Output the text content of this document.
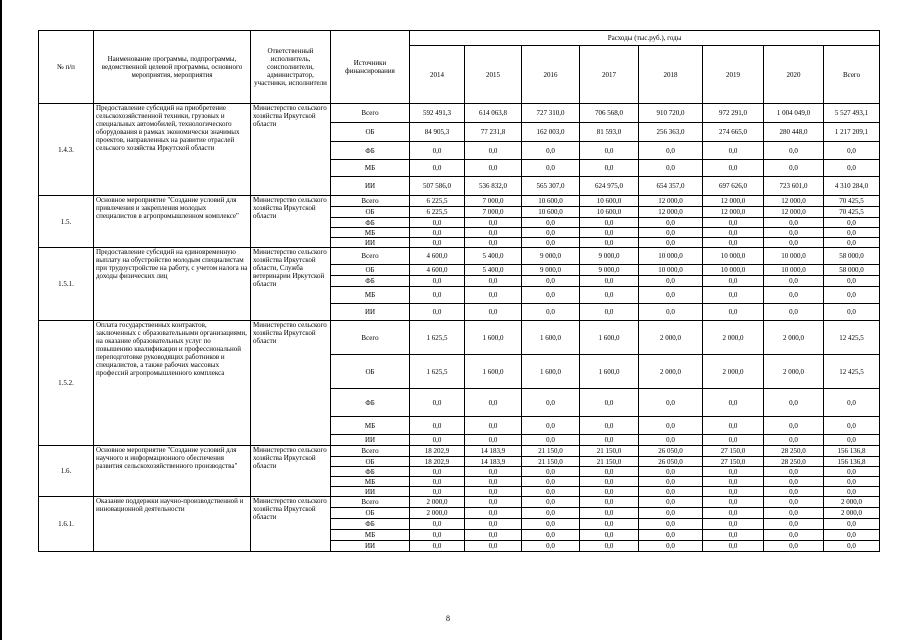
№ п/п	Наименование программы, подпрограммы, ведомственной целевой программы, основного мероприятия, мероприятия	Ответственный исполнитель, соисполнители, администратор, участники, исполнители	Источники финансирования	Расходы (тыс.руб.), годы							
				2014	2015	2016	2017	2018	2019	2020	Всего
1.4.3.	Предоставление субсидий на приобретение сельскохозяйственной техники, грузовых и специальных автомобилей, технологического оборудования в рамках экономически значимых проектов, направленных на развитие отраслей сельского хозяйства Иркутской области	Министерство сельского хозяйства Иркутской области	Всего	592 491,3	614 063,8	727 310,0	706 568,0	910 720,0	972 291,0	1 004 049,0	5 527 493,1
			ОБ	84 905,3	77 231,8	162 003,0	81 593,0	256 363,0	274 665,0	280 448,0	1 217 209,1
			ФБ	0,0	0,0	0,0	0,0	0,0	0,0	0,0	0,0
			МБ	0,0	0,0	0,0	0,0	0,0	0,0	0,0	0,0
			ИИ	507 586,0	536 832,0	565 307,0	624 975,0	654 357,0	697 626,0	723 601,0	4 310 284,0
1.5.	Основное мероприятие "Создание условий для привлечения и закрепления молодых специалистов в агропромышленном комплексе"	Министерство сельского хозяйства Иркутской области	Всего	6 225,5	7 000,0	10 600,0	10 600,0	12 000,0	12 000,0	12 000,0	70 425,5
			ОБ	6 225,5	7 000,0	10 600,0	10 600,0	12 000,0	12 000,0	12 000,0	70 425,5
			ФБ	0,0	0,0	0,0	0,0	0,0	0,0	0,0	0,0
			МБ	0,0	0,0	0,0	0,0	0,0	0,0	0,0	0,0
			ИИ	0,0	0,0	0,0	0,0	0,0	0,0	0,0	0,0
1.5.1.	Предоставление субсидий на единовременную выплату на обустройство молодым специалистам при трудоустройстве на работу, с учетом налога на доходы физических лиц	Министерство сельского хозяйства Иркутской области, Служба ветеринарии Иркутской области	Всего	4 600,0	5 400,0	9 000,0	9 000,0	10 000,0	10 000,0	10 000,0	58 000,0
			ОБ	4 600,0	5 400,0	9 000,0	9 000,0	10 000,0	10 000,0	10 000,0	58 000,0
			ФБ	0,0	0,0	0,0	0,0	0,0	0,0	0,0	0,0
			МБ	0,0	0,0	0,0	0,0	0,0	0,0	0,0	0,0
			ИИ	0,0	0,0	0,0	0,0	0,0	0,0	0,0	0,0
1.5.2.	Оплата государственных контрактов, заключенных с образовательными организациями, на оказание образовательных услуг по повышению квалификации и профессиональной переподготовке руководящих работников и специалистов, а также рабочих массовых профессий агропромышленного комплекса	Министерство сельского хозяйства Иркутской области	Всего	1 625,5	1 600,0	1 600,0	1 600,0	2 000,0	2 000,0	2 000,0	12 425,5
			ОБ	1 625,5	1 600,0	1 600,0	1 600,0	2 000,0	2 000,0	2 000,0	12 425,5
			ФБ	0,0	0,0	0,0	0,0	0,0	0,0	0,0	0,0
			МБ	0,0	0,0	0,0	0,0	0,0	0,0	0,0	0,0
			ИИ	0,0	0,0	0,0	0,0	0,0	0,0	0,0	0,0
1.6.	Основное мероприятие "Создание условий для научного и информационного обеспечения развития сельскохозяйственного производства"	Министерство сельского хозяйства Иркутской области	Всего	18 202,9	14 183,9	21 150,0	21 150,0	26 050,0	27 150,0	28 250,0	156 136,8
			ОБ	18 202,9	14 183,9	21 150,0	21 150,0	26 050,0	27 150,0	28 250,0	156 136,8
			ФБ	0,0	0,0	0,0	0,0	0,0	0,0	0,0	0,0
			МБ	0,0	0,0	0,0	0,0	0,0	0,0	0,0	0,0
			ИИ	0,0	0,0	0,0	0,0	0,0	0,0	0,0	0,0
1.6.1.	Оказание поддержки научно-производственной и инновационной деятельности	Министерство сельского хозяйства Иркутской области	Всего	2 000,0	0,0	0,0	0,0	0,0	0,0	0,0	2 000,0
			ОБ	2 000,0	0,0	0,0	0,0	0,0	0,0	0,0	2 000,0
			ФБ	0,0	0,0	0,0	0,0	0,0	0,0	0,0	0,0
			МБ	0,0	0,0	0,0	0,0	0,0	0,0	0,0	0,0
			ИИ	0,0	0,0	0,0	0,0	0,0	0,0	0,0	0,0
8
